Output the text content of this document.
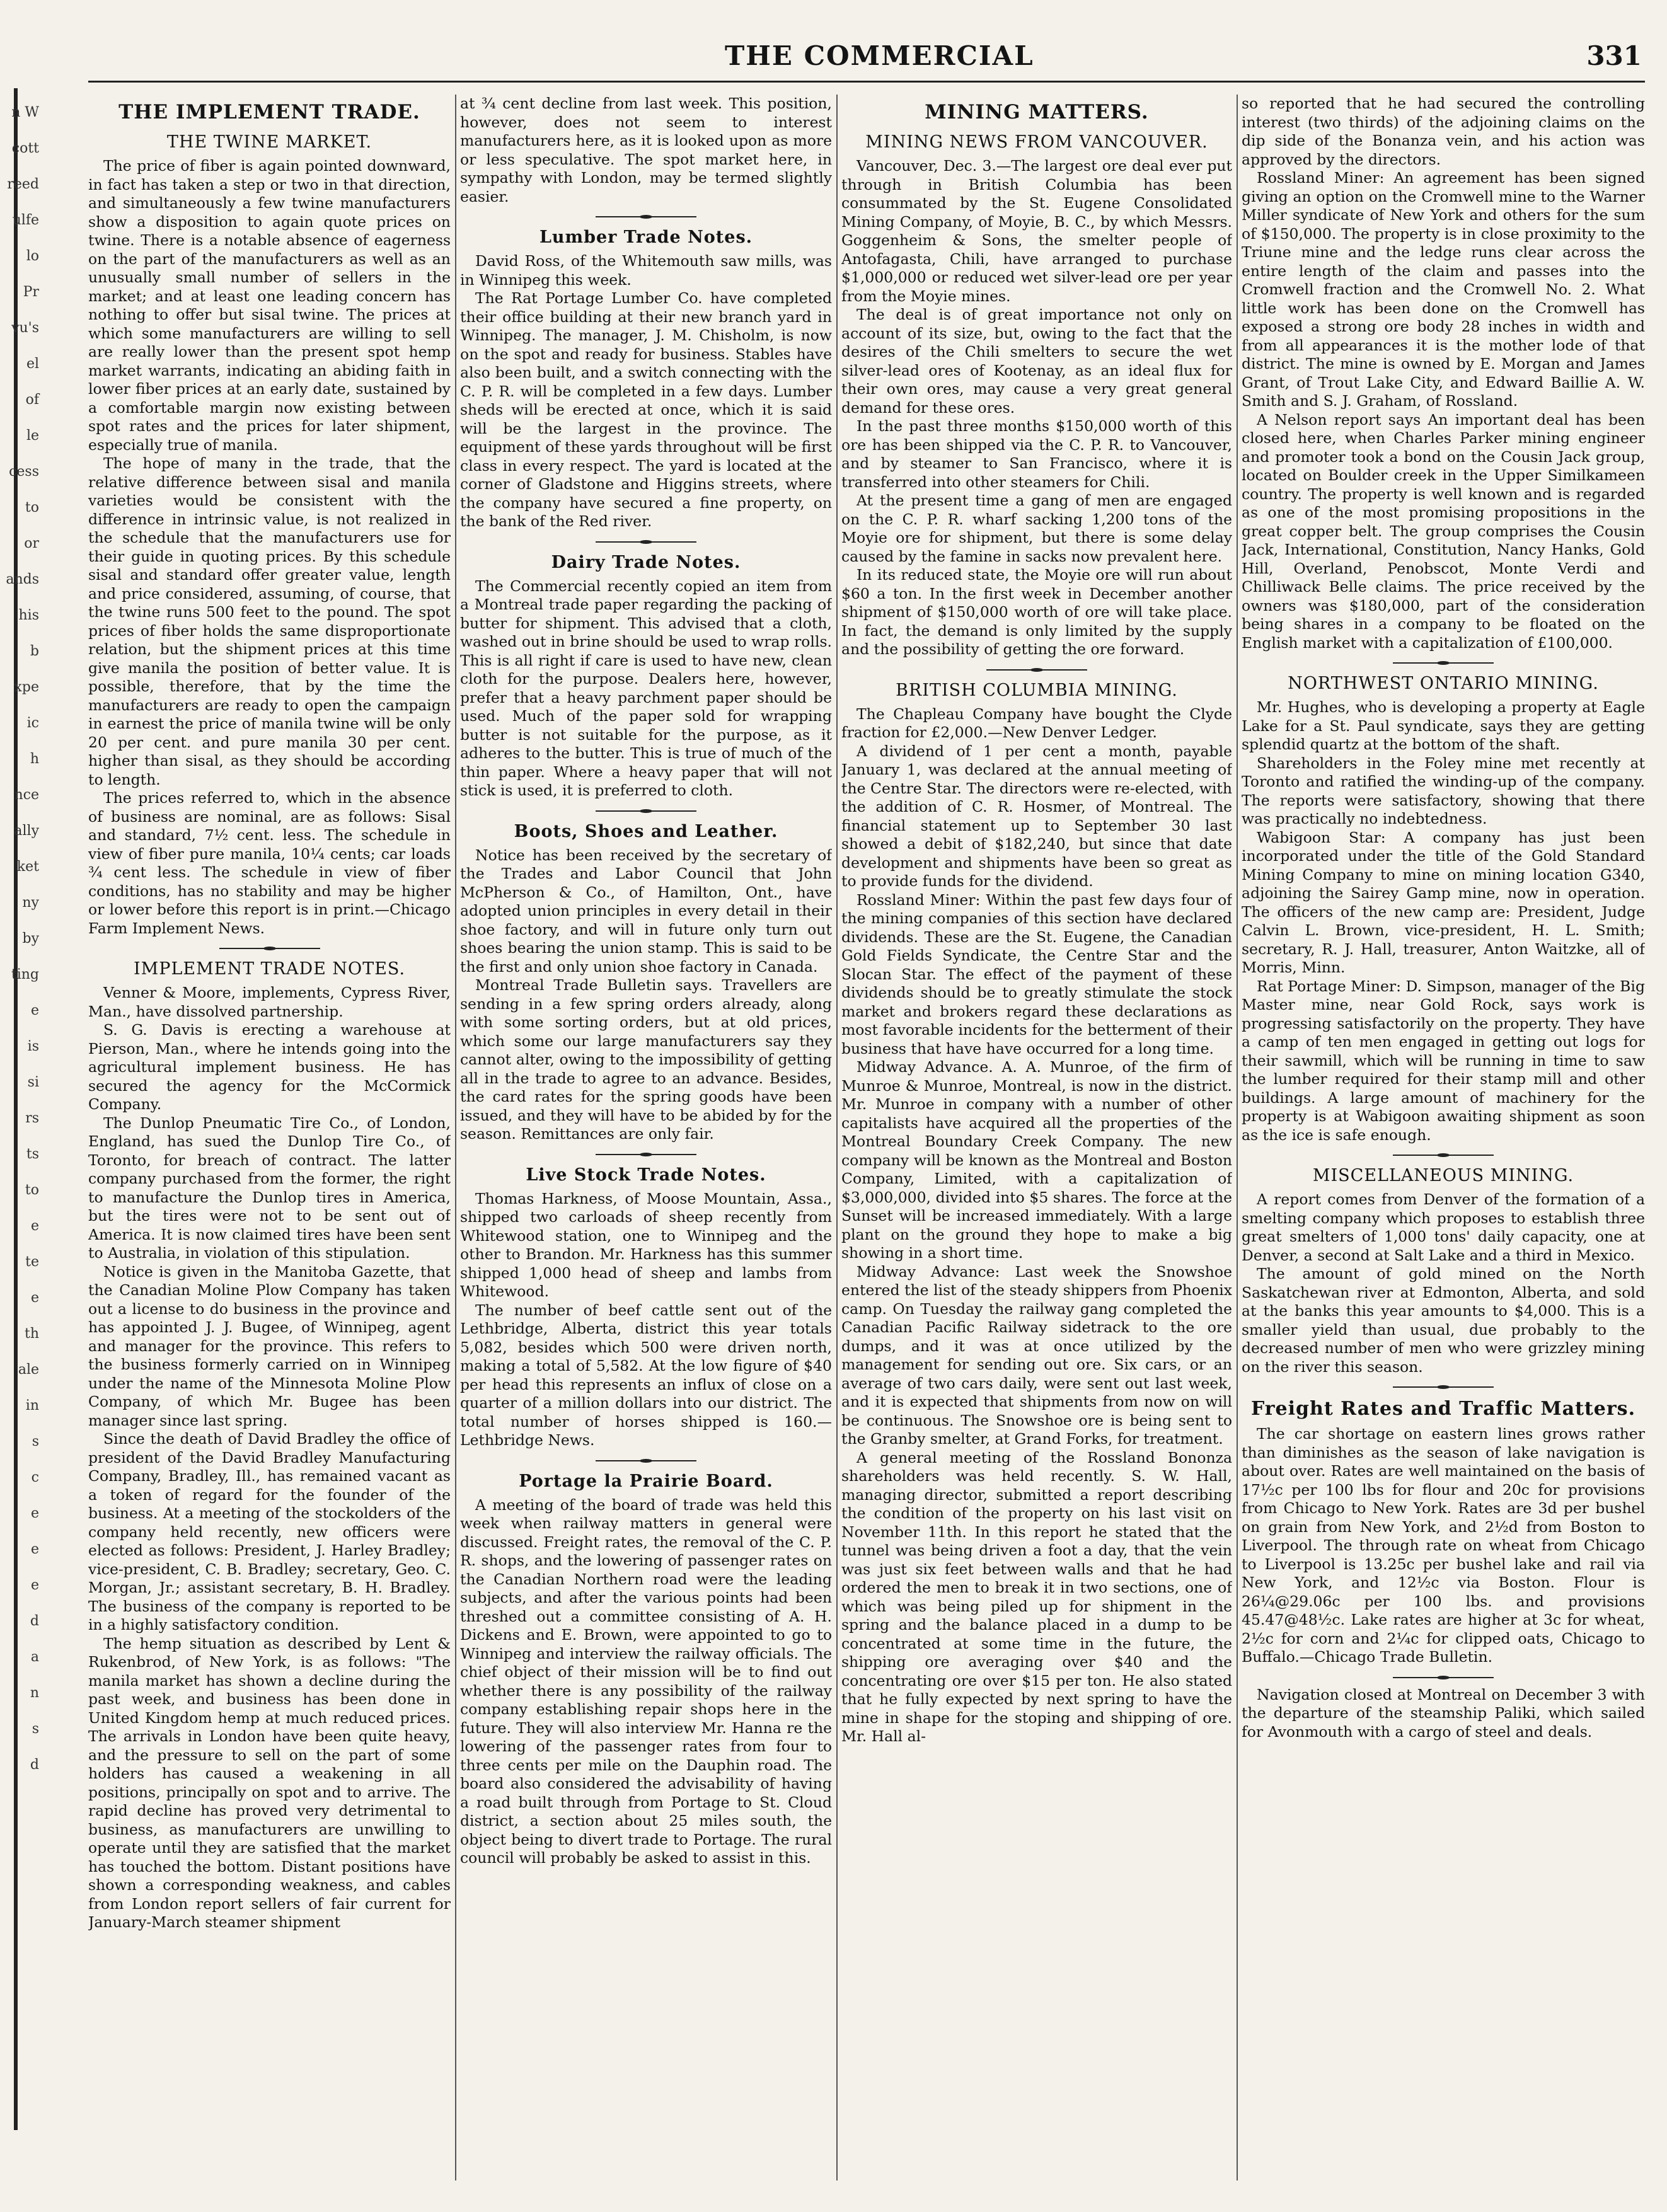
n W
cott
reed
ulfe
lo
Pr
vu's
el
of
le
cess
to
or
ands
his
b
xpe
ic
h
nce
ally
ket
ny
by
ting
e
is
si
rs
ts
to
e
te
e
th
ale
in
s
c
e
e
e
d
a
n
s
d
THE COMMERCIAL	331
THE IMPLEMENT TRADE.
THE TWINE MARKET.

The price of fiber is again pointed downward, in fact has taken a step or two in that direction, and simultaneously a few twine manufacturers show a disposition to again quote prices on twine. There is a notable absence of eagerness on the part of the manufacturers as well as an unusually small number of sellers in the market; and at least one leading concern has nothing to offer but sisal twine. The prices at which some manufacturers are willing to sell are really lower than the present spot hemp market warrants, indicating an abiding faith in lower fiber prices at an early date, sustained by a comfortable margin now existing between spot rates and the prices for later shipment, especially true of manila.

The hope of many in the trade, that the relative difference between sisal and manila varieties would be consistent with the difference in intrinsic value, is not realized in the schedule that the manufacturers use for their guide in quoting prices. By this schedule sisal and standard offer greater value, length and price considered, assuming, of course, that the twine runs 500 feet to the pound. The spot prices of fiber holds the same disproportionate relation, but the shipment prices at this time give manila the position of better value. It is possible, therefore, that by the time the manufacturers are ready to open the campaign in earnest the price of manila twine will be only 20 per cent. and pure manila 30 per cent. higher than sisal, as they should be according to length.

The prices referred to, which in the absence of business are nominal, are as follows: Sisal and standard, 7½ cent. less. The schedule in view of fiber pure manila, 10¼ cents; car loads ¾ cent less. The schedule in view of fiber conditions, has no stability and may be higher or lower before this report is in print.—Chicago Farm Implement News.

IMPLEMENT TRADE NOTES.

Venner & Moore, implements, Cypress River, Man., have dissolved partnership.

S. G. Davis is erecting a warehouse at Pierson, Man., where he intends going into the agricultural implement business. He has secured the agency for the McCormick Company.

The Dunlop Pneumatic Tire Co., of London, England, has sued the Dunlop Tire Co., of Toronto, for breach of contract. The latter company purchased from the former, the right to manufacture the Dunlop tires in America, but the tires were not to be sent out of America. It is now claimed tires have been sent to Australia, in violation of this stipulation.

Notice is given in the Manitoba Gazette, that the Canadian Moline Plow Company has taken out a license to do business in the province and has appointed J. J. Bugee, of Winnipeg, agent and manager for the province. This refers to the business formerly carried on in Winnipeg under the name of the Minnesota Moline Plow Company, of which Mr. Bugee has been manager since last spring.

Since the death of David Bradley the office of president of the David Bradley Manufacturing Company, Bradley, Ill., has remained vacant as a token of regard for the founder of the business. At a meeting of the stockolders of the company held recently, new officers were elected as follows: President, J. Harley Bradley; vice-president, C. B. Bradley; secretary, Geo. C. Morgan, Jr.; assistant secretary, B. H. Bradley. The business of the company is reported to be in a highly satisfactory condition.

The hemp situation as described by Lent & Rukenbrod, of New York, is as follows: "The manila market has shown a decline during the past week, and business has been done in United Kingdom hemp at much reduced prices. The arrivals in London have been quite heavy, and the pressure to sell on the part of some holders has caused a weakening in all positions, principally on spot and to arrive. The rapid decline has proved very detrimental to business, as manufacturers are unwilling to operate until they are satisfied that the market has touched the bottom. Distant positions have shown a corresponding weakness, and cables from London report sellers of fair current for January-March steamer shipment

at ¾ cent decline from last week. This position, however, does not seem to interest manufacturers here, as it is looked upon as more or less speculative. The spot market here, in sympathy with London, may be termed slightly easier.

Lumber Trade Notes.

David Ross, of the Whitemouth saw mills, was in Winnipeg this week.

The Rat Portage Lumber Co. have completed their office building at their new branch yard in Winnipeg. The manager, J. M. Chisholm, is now on the spot and ready for business. Stables have also been built, and a switch connecting with the C. P. R. will be completed in a few days. Lumber sheds will be erected at once, which it is said will be the largest in the province. The equipment of these yards throughout will be first class in every respect. The yard is located at the corner of Gladstone and Higgins streets, where the company have secured a fine property, on the bank of the Red river.

Dairy Trade Notes.

The Commercial recently copied an item from a Montreal trade paper regarding the packing of butter for shipment. This advised that a cloth, washed out in brine should be used to wrap rolls. This is all right if care is used to have new, clean cloth for the purpose. Dealers here, however, prefer that a heavy parchment paper should be used. Much of the paper sold for wrapping butter is not suitable for the purpose, as it adheres to the butter. This is true of much of the thin paper. Where a heavy paper that will not stick is used, it is preferred to cloth.

Boots, Shoes and Leather.

Notice has been received by the secretary of the Trades and Labor Council that John McPherson & Co., of Hamilton, Ont., have adopted union principles in every detail in their shoe factory, and will in future only turn out shoes bearing the union stamp. This is said to be the first and only union shoe factory in Canada.

Montreal Trade Bulletin says. Travellers are sending in a few spring orders already, along with some sorting orders, but at old prices, which some our large manufacturers say they cannot alter, owing to the impossibility of getting all in the trade to agree to an advance. Besides, the card rates for the spring goods have been issued, and they will have to be abided by for the season. Remittances are only fair.

Live Stock Trade Notes.

Thomas Harkness, of Moose Mountain, Assa., shipped two carloads of sheep recently from Whitewood station, one to Winnipeg and the other to Brandon. Mr. Harkness has this summer shipped 1,000 head of sheep and lambs from Whitewood.

The number of beef cattle sent out of the Lethbridge, Alberta, district this year totals 5,082, besides which 500 were driven north, making a total of 5,582. At the low figure of $40 per head this represents an influx of close on a quarter of a million dollars into our district. The total number of horses shipped is 160.—Lethbridge News.

Portage la Prairie Board.

A meeting of the board of trade was held this week when railway matters in general were discussed. Freight rates, the removal of the C. P. R. shops, and the lowering of passenger rates on the Canadian Northern road were the leading subjects, and after the various points had been threshed out a committee consisting of A. H. Dickens and E. Brown, were appointed to go to Winnipeg and interview the railway officials. The chief object of their mission will be to find out whether there is any possibility of the railway company establishing repair shops here in the future. They will also interview Mr. Hanna re the lowering of the passenger rates from four to three cents per mile on the Dauphin road. The board also considered the advisability of having a road built through from Portage to St. Cloud district, a section about 25 miles south, the object being to divert trade to Portage. The rural council will probably be asked to assist in this.

MINING MATTERS.
MINING NEWS FROM VANCOUVER.

Vancouver, Dec. 3.—The largest ore deal ever put through in British Columbia has been consummated by the St. Eugene Consolidated Mining Company, of Moyie, B. C., by which Messrs. Goggenheim & Sons, the smelter people of Antofagasta, Chili, have arranged to purchase $1,000,000 or reduced wet silver-lead ore per year from the Moyie mines.

The deal is of great importance not only on account of its size, but, owing to the fact that the desires of the Chili smelters to secure the wet silver-lead ores of Kootenay, as an ideal flux for their own ores, may cause a very great general demand for these ores.

In the past three months $150,000 worth of this ore has been shipped via the C. P. R. to Vancouver, and by steamer to San Francisco, where it is transferred into other steamers for Chili.

At the present time a gang of men are engaged on the C. P. R. wharf sacking 1,200 tons of the Moyie ore for shipment, but there is some delay caused by the famine in sacks now prevalent here.

In its reduced state, the Moyie ore will run about $60 a ton. In the first week in December another shipment of $150,000 worth of ore will take place. In fact, the demand is only limited by the supply and the possibility of getting the ore forward.

BRITISH COLUMBIA MINING.

The Chapleau Company have bought the Clyde fraction for £2,000.—New Denver Ledger.

A dividend of 1 per cent a month, payable January 1, was declared at the annual meeting of the Centre Star. The directors were re-elected, with the addition of C. R. Hosmer, of Montreal. The financial statement up to September 30 last showed a debit of $182,240, but since that date development and shipments have been so great as to provide funds for the dividend.

Rossland Miner: Within the past few days four of the mining companies of this section have declared dividends. These are the St. Eugene, the Canadian Gold Fields Syndicate, the Centre Star and the Slocan Star. The effect of the payment of these dividends should be to greatly stimulate the stock market and brokers regard these declarations as most favorable incidents for the betterment of their business that have have occurred for a long time.

Midway Advance. A. A. Munroe, of the firm of Munroe & Munroe, Montreal, is now in the district. Mr. Munroe in company with a number of other capitalists have acquired all the properties of the Montreal Boundary Creek Company. The new company will be known as the Montreal and Boston Company, Limited, with a capitalization of $3,000,000, divided into $5 shares. The force at the Sunset will be increased immediately. With a large plant on the ground they hope to make a big showing in a short time.

Midway Advance: Last week the Snowshoe entered the list of the steady shippers from Phoenix camp. On Tuesday the railway gang completed the Canadian Pacific Railway sidetrack to the ore dumps, and it was at once utilized by the management for sending out ore. Six cars, or an average of two cars daily, were sent out last week, and it is expected that shipments from now on will be continuous. The Snowshoe ore is being sent to the Granby smelter, at Grand Forks, for treatment.

A general meeting of the Rossland Bononza shareholders was held recently. S. W. Hall, managing director, submitted a report describing the condition of the property on his last visit on November 11th. In this report he stated that the tunnel was being driven a foot a day, that the vein was just six feet between walls and that he had ordered the men to break it in two sections, one of which was being piled up for shipment in the spring and the balance placed in a dump to be concentrated at some time in the future, the shipping ore averaging over $40 and the concentrating ore over $15 per ton. He also stated that he fully expected by next spring to have the mine in shape for the stoping and shipping of ore. Mr. Hall al-

so reported that he had secured the controlling interest (two thirds) of the adjoining claims on the dip side of the Bonanza vein, and his action was approved by the directors.

Rossland Miner: An agreement has been signed giving an option on the Cromwell mine to the Warner Miller syndicate of New York and others for the sum of $150,000. The property is in close proximity to the Triune mine and the ledge runs clear across the entire length of the claim and passes into the Cromwell fraction and the Cromwell No. 2. What little work has been done on the Cromwell has exposed a strong ore body 28 inches in width and from all appearances it is the mother lode of that district. The mine is owned by E. Morgan and James Grant, of Trout Lake City, and Edward Baillie A. W. Smith and S. J. Graham, of Rossland.

A Nelson report says An important deal has been closed here, when Charles Parker mining engineer and promoter took a bond on the Cousin Jack group, located on Boulder creek in the Upper Similkameen country. The property is well known and is regarded as one of the most promising propositions in the great copper belt. The group comprises the Cousin Jack, International, Constitution, Nancy Hanks, Gold Hill, Overland, Penobscot, Monte Verdi and Chilliwack Belle claims. The price received by the owners was $180,000, part of the consideration being shares in a company to be floated on the English market with a capitalization of £100,000.

NORTHWEST ONTARIO MINING.

Mr. Hughes, who is developing a property at Eagle Lake for a St. Paul syndicate, says they are getting splendid quartz at the bottom of the shaft.

Shareholders in the Foley mine met recently at Toronto and ratified the winding-up of the company. The reports were satisfactory, showing that there was practically no indebtedness.

Wabigoon Star: A company has just been incorporated under the title of the Gold Standard Mining Company to mine on mining location G340, adjoining the Sairey Gamp mine, now in operation. The officers of the new camp are: President, Judge Calvin L. Brown, vice-president, H. L. Smith; secretary, R. J. Hall, treasurer, Anton Waitzke, all of Morris, Minn.

Rat Portage Miner: D. Simpson, manager of the Big Master mine, near Gold Rock, says work is progressing satisfactorily on the property. They have a camp of ten men engaged in getting out logs for their sawmill, which will be running in time to saw the lumber required for their stamp mill and other buildings. A large amount of machinery for the property is at Wabigoon awaiting shipment as soon as the ice is safe enough.

MISCELLANEOUS MINING.

A report comes from Denver of the formation of a smelting company which proposes to establish three great smelters of 1,000 tons' daily capacity, one at Denver, a second at Salt Lake and a third in Mexico.

The amount of gold mined on the North Saskatchewan river at Edmonton, Alberta, and sold at the banks this year amounts to $4,000. This is a smaller yield than usual, due probably to the decreased number of men who were grizzley mining on the river this season.

Freight Rates and Traffic Matters.

The car shortage on eastern lines grows rather than diminishes as the season of lake navigation is about over. Rates are well maintained on the basis of 17½c per 100 lbs for flour and 20c for provisions from Chicago to New York. Rates are 3d per bushel on grain from New York, and 2½d from Boston to Liverpool. The through rate on wheat from Chicago to Liverpool is 13.25c per bushel lake and rail via New York, and 12½c via Boston. Flour is 26¼@29.06c per 100 lbs. and provisions 45.47@48½c. Lake rates are higher at 3c for wheat, 2½c for corn and 2¼c for clipped oats, Chicago to Buffalo.—Chicago Trade Bulletin.

Navigation closed at Montreal on December 3 with the departure of the steamship Paliki, which sailed for Avonmouth with a cargo of steel and deals.
